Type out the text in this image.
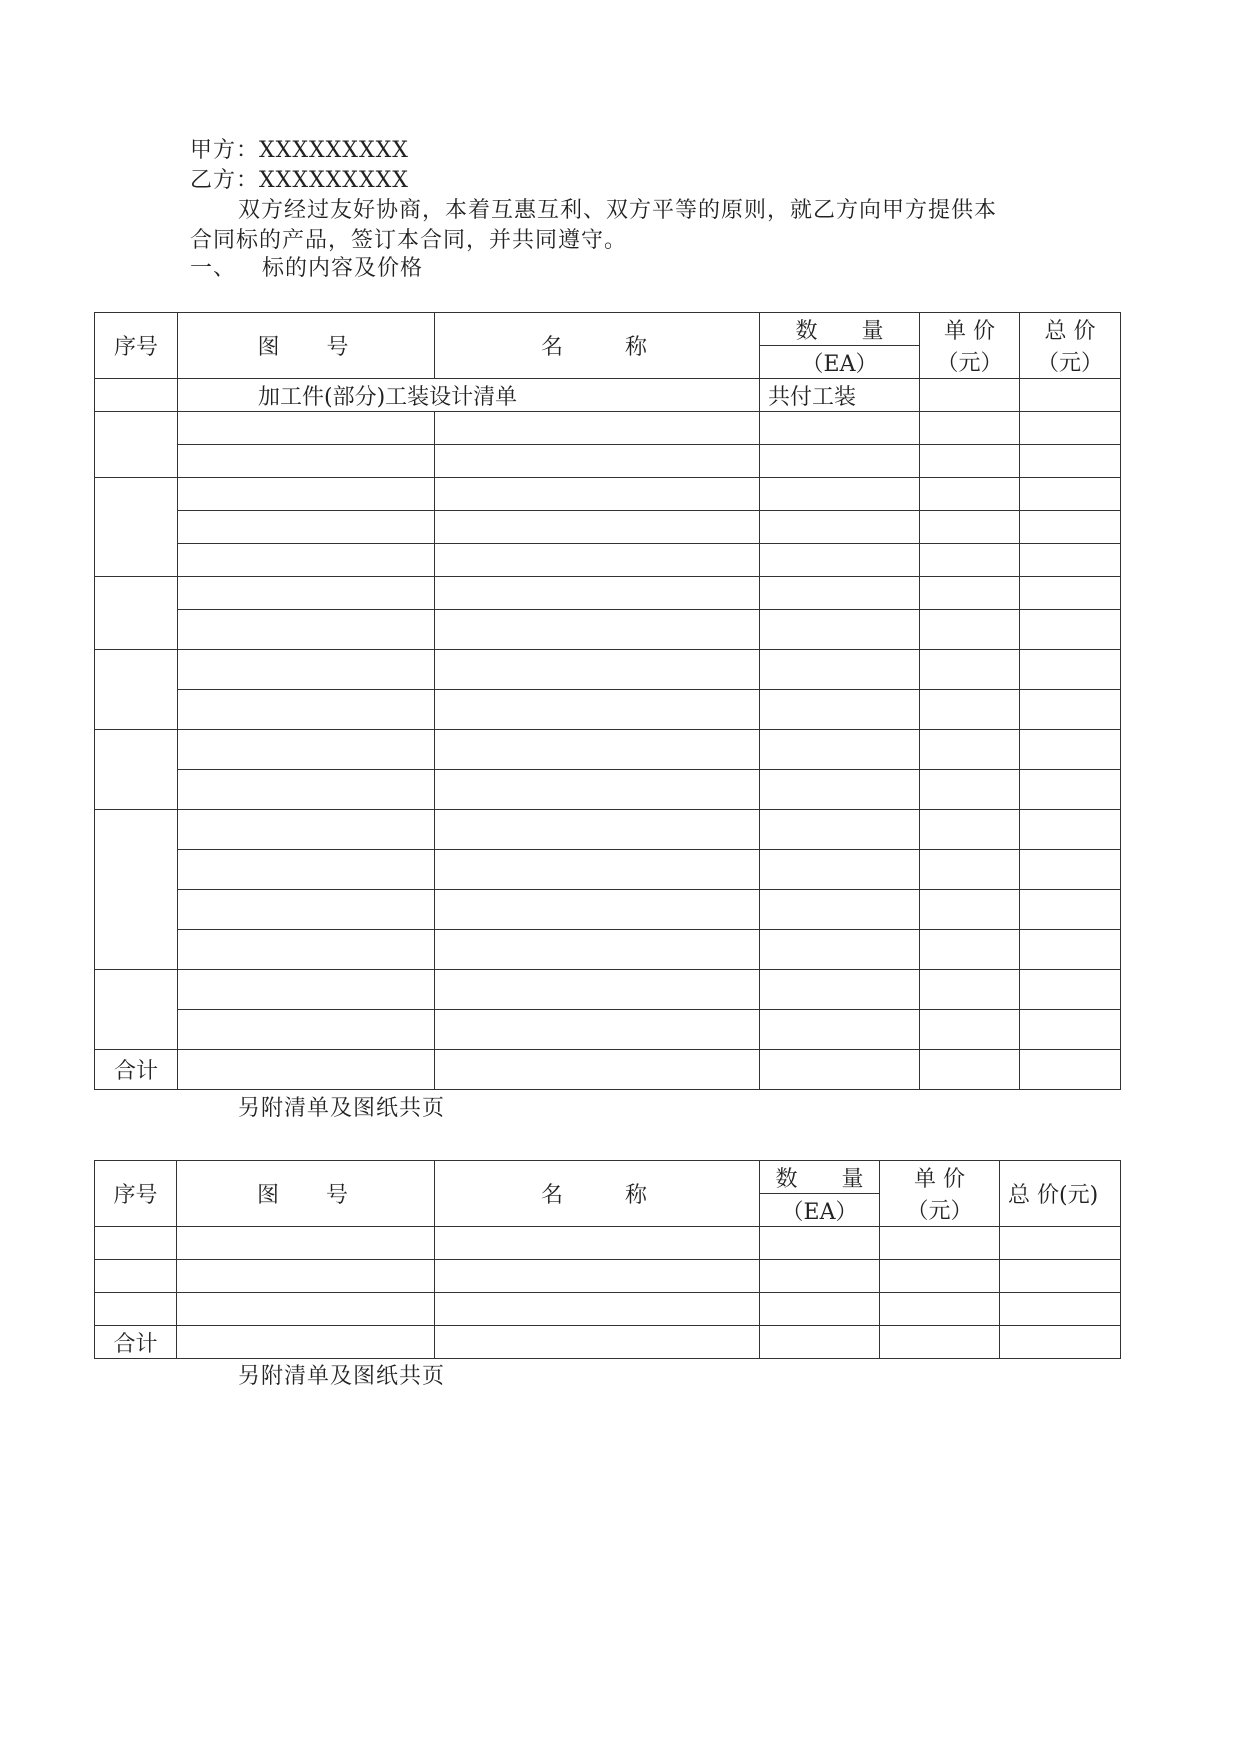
甲方：XXXXXXXXX
乙方：XXXXXXXXX
双方经过友好协商，本着互惠互利、双方平等的原则，就乙方向甲方提供本
合同标的产品，签订本合同，并共同遵守。
一、 标的内容及价格
序号	图　 号	名　　称	数　　量	单 价	总 价
			（EA）	（元）	（元）
	加工件(部分)工装设计清单		共付工装		

合计					
另附清单及图纸共页
序号	图　 号	名　　称	数　　量	单 价	总 价(元)
			（EA）	（元）	

合计					
另附清单及图纸共页
